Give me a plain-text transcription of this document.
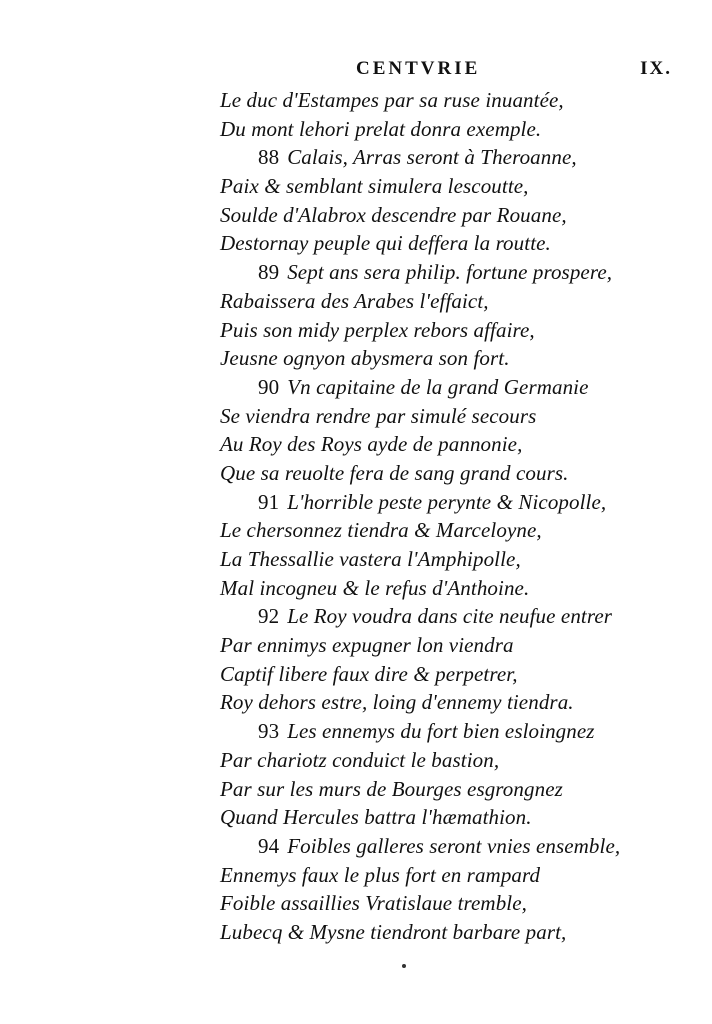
CENTVRIE	IX.
Le duc d'Estampes par sa ruse inuantée,
Du mont lehori prelat donra exemple.
88 Calais, Arras seront à Theroanne,
Paix & semblant simulera lescoutte,
Soulde d'Alabrox descendre par Rouane,
Destornay peuple qui deffera la routte.
89 Sept ans sera philip. fortune prospere,
Rabaissera des Arabes l'effaict,
Puis son midy perplex rebors affaire,
Jeusne ognyon abysmera son fort.
90 Vn capitaine de la grand Germanie
Se viendra rendre par simulé secours
Au Roy des Roys ayde de pannonie,
Que sa reuolte fera de sang grand cours.
91 L'horrible peste perynte & Nicopolle,
Le chersonnez tiendra & Marceloyne,
La Thessallie vastera l'Amphipolle,
Mal incogneu & le refus d'Anthoine.
92 Le Roy voudra dans cite neufue entrer
Par ennimys expugner lon viendra
Captif libere faux dire & perpetrer,
Roy dehors estre, loing d'ennemy tiendra.
93 Les ennemys du fort bien esloingnez
Par chariotz conduict le bastion,
Par sur les murs de Bourges esgrongnez
Quand Hercules battra l'hæmathion.
94 Foibles galleres seront vnies ensemble,
Ennemys faux le plus fort en rampard
Foible assaillies Vratislaue tremble,
Lubecq & Mysne tiendront barbare part,
